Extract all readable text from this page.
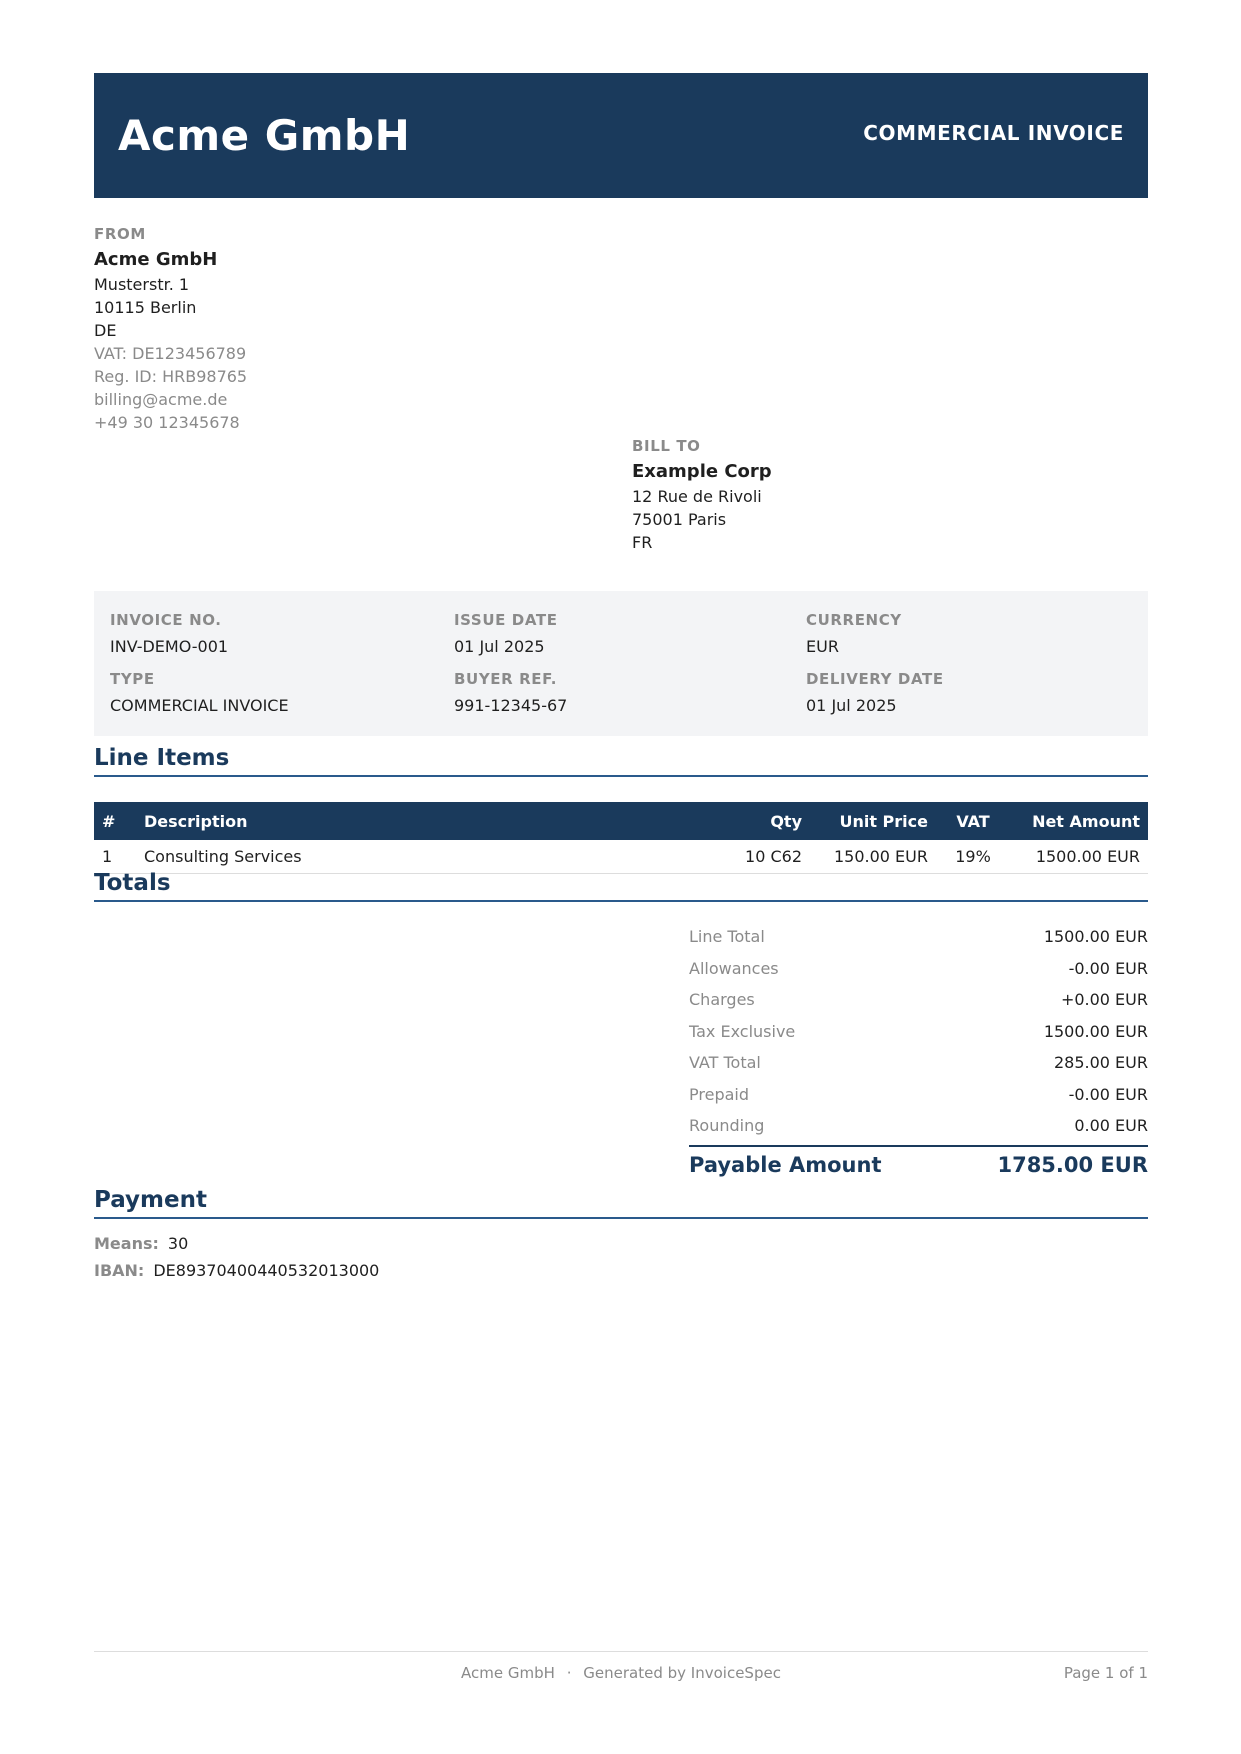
Acme GmbH	COMMERCIAL INVOICE
FROM
Acme GmbH
Musterstr. 1
10115 Berlin
DE
VAT: DE123456789
Reg. ID: HRB98765
billing@acme.de
+49 30 12345678
BILL TO
Example Corp
12 Rue de Rivoli
75001 Paris
FR
INVOICE NO.
INV-DEMO-001
ISSUE DATE
01 Jul 2025
CURRENCY
EUR
TYPE
COMMERCIAL INVOICE
BUYER REF.
991-12345-67
DELIVERY DATE
01 Jul 2025
Line Items
#	Description	Qty	Unit Price	VAT	Net Amount
1	Consulting Services	10 C62	150.00 EUR	19%	1500.00 EUR
Totals
Line Total	1500.00 EUR
Allowances	-0.00 EUR
Charges	+0.00 EUR
Tax Exclusive	1500.00 EUR
VAT Total	285.00 EUR
Prepaid	-0.00 EUR
Rounding	0.00 EUR
Payable Amount	1785.00 EUR
Payment
Means: 30
IBAN: DE89370400440532013000
Acme GmbH · Generated by InvoiceSpec	Page 1 of 1
